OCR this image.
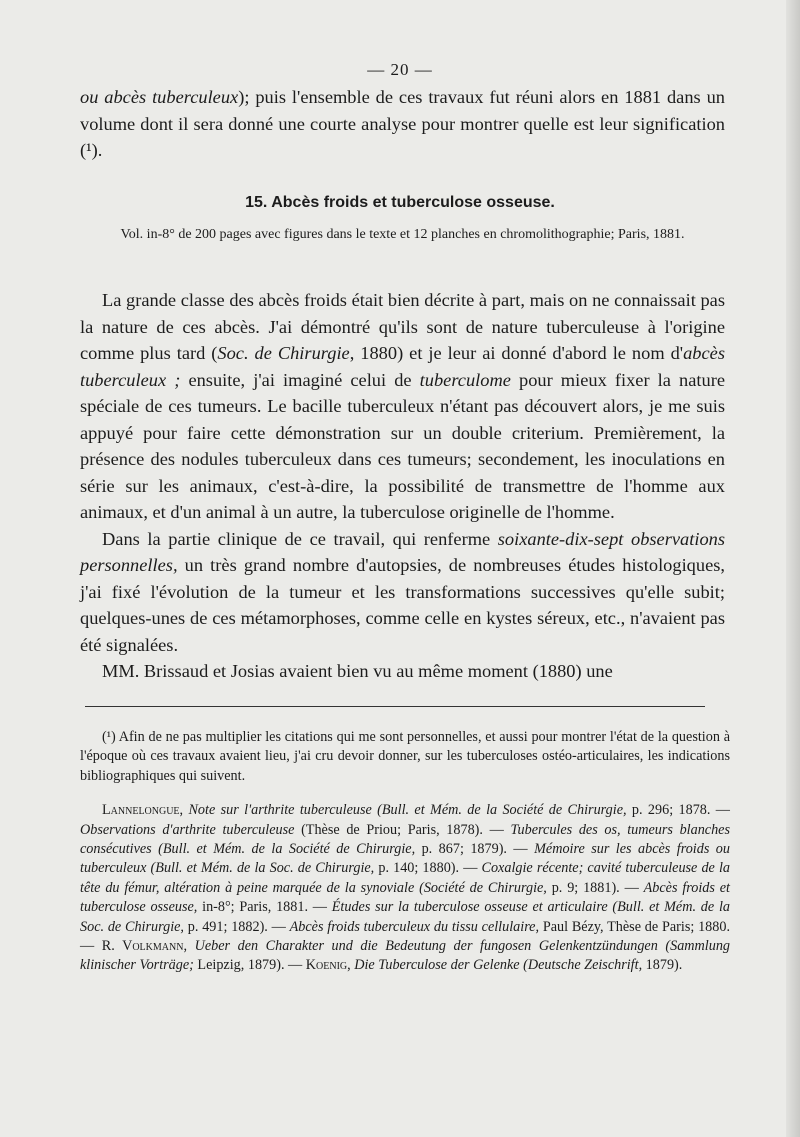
— 20 —

ou abcès tuberculeux); puis l'ensemble de ces travaux fut réuni alors en 1881 dans un volume dont il sera donné une courte analyse pour montrer quelle est leur signification (¹).

15. Abcès froids et tuberculose osseuse.

Vol. in-8° de 200 pages avec figures dans le texte et 12 planches en chromolithographie; Paris, 1881.

La grande classe des abcès froids était bien décrite à part, mais on ne connaissait pas la nature de ces abcès. J'ai démontré qu'ils sont de nature tuberculeuse à l'origine comme plus tard (Soc. de Chirurgie, 1880) et je leur ai donné d'abord le nom d'abcès tuberculeux ; ensuite, j'ai imaginé celui de tuberculome pour mieux fixer la nature spéciale de ces tumeurs. Le bacille tuberculeux n'étant pas découvert alors, je me suis appuyé pour faire cette démonstration sur un double criterium. Premièrement, la présence des nodules tuberculeux dans ces tumeurs; secondement, les inoculations en série sur les animaux, c'est-à-dire, la possibilité de transmettre de l'homme aux animaux, et d'un animal à un autre, la tuberculose originelle de l'homme.

Dans la partie clinique de ce travail, qui renferme soixante-dix-sept observations personnelles, un très grand nombre d'autopsies, de nombreuses études histologiques, j'ai fixé l'évolution de la tumeur et les transformations successives qu'elle subit; quelques-unes de ces métamorphoses, comme celle en kystes séreux, etc., n'avaient pas été signalées.

MM. Brissaud et Josias avaient bien vu au même moment (1880) une

(¹) Afin de ne pas multiplier les citations qui me sont personnelles, et aussi pour montrer l'état de la question à l'époque où ces travaux avaient lieu, j'ai cru devoir donner, sur les tuberculoses ostéo-articulaires, les indications bibliographiques qui suivent.

Lannelongue, Note sur l'arthrite tuberculeuse (Bull. et Mém. de la Société de Chirurgie, p. 296; 1878. — Observations d'arthrite tuberculeuse (Thèse de Priou; Paris, 1878). — Tubercules des os, tumeurs blanches consécutives (Bull. et Mém. de la Société de Chirurgie, p. 867; 1879). — Mémoire sur les abcès froids ou tuberculeux (Bull. et Mém. de la Soc. de Chirurgie, p. 140; 1880). — Coxalgie récente; cavité tuberculeuse de la tête du fémur, altération à peine marquée de la synoviale (Société de Chirurgie, p. 9; 1881). — Abcès froids et tuberculose osseuse, in-8°; Paris, 1881. — Études sur la tuberculose osseuse et articulaire (Bull. et Mém. de la Soc. de Chirurgie, p. 491; 1882). — Abcès froids tuberculeux du tissu cellulaire, Paul Bézy, Thèse de Paris; 1880. — R. Volkmann, Ueber den Charakter und die Bedeutung der fungosen Gelenkentzündungen (Sammlung klinischer Vorträge; Leipzig, 1879). — Koenig, Die Tuberculose der Gelenke (Deutsche Zeischrift, 1879).
